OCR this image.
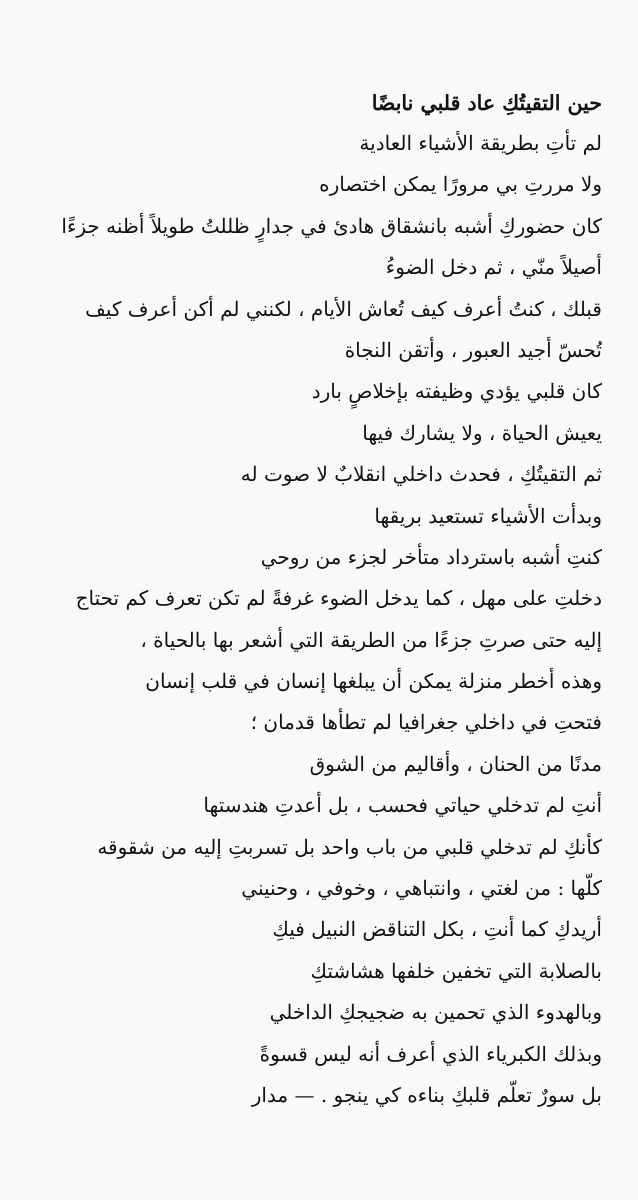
حين التقيتُكِ عاد قلبي نابضًا

لم تأتِ بطريقة الأشياء العادية

ولا مررتِ بي مرورًا يمكن اختصاره

كان حضوركِ أشبه بانشقاق هادئ في جدارٍ ظللتُ طويلاً أظنه جزءًا

أصيلاً منّي ، ثم دخل الضوءُ

قبلك ، كنتُ أعرف كيف تُعاش الأيام ، لكنني لم أكن أعرف كيف

تُحسّ أجيد العبور ، وأتقن النجاة

كان قلبي يؤدي وظيفته بإخلاصٍ بارد

يعيش الحياة ، ولا يشارك فيها

ثم التقيتُكِ ، فحدث داخلي انقلابٌ لا صوت له

وبدأت الأشياء تستعيد بريقها

كنتِ أشبه باسترداد متأخر لجزء من روحي

دخلتِ على مهل ، كما يدخل الضوء غرفةً لم تكن تعرف كم تحتاج

إليه حتى صرتِ جزءًا من الطريقة التي أشعر بها بالحياة ،

وهذه أخطر منزلة يمكن أن يبلغها إنسان في قلب إنسان

فتحتِ في داخلي جغرافيا لم تطأها قدمان ؛

مدنًا من الحنان ، وأقاليم من الشوق

أنتِ لم تدخلي حياتي فحسب ، بل أعدتِ هندستها

كأنكِ لم تدخلي قلبي من باب واحد بل تسربتِ إليه من شقوقه

كلّها : من لغتي ، وانتباهي ، وخوفي ، وحنيني

أريدكِ كما أنتِ ، بكل التناقض النبيل فيكِ

بالصلابة التي تخفين خلفها هشاشتكِ

وبالهدوء الذي تحمين به ضجيجكِ الداخلي

وبذلك الكبرياء الذي أعرف أنه ليس قسوةً

بل سورٌ تعلّم قلبكِ بناءه كي ينجو . — مدار
